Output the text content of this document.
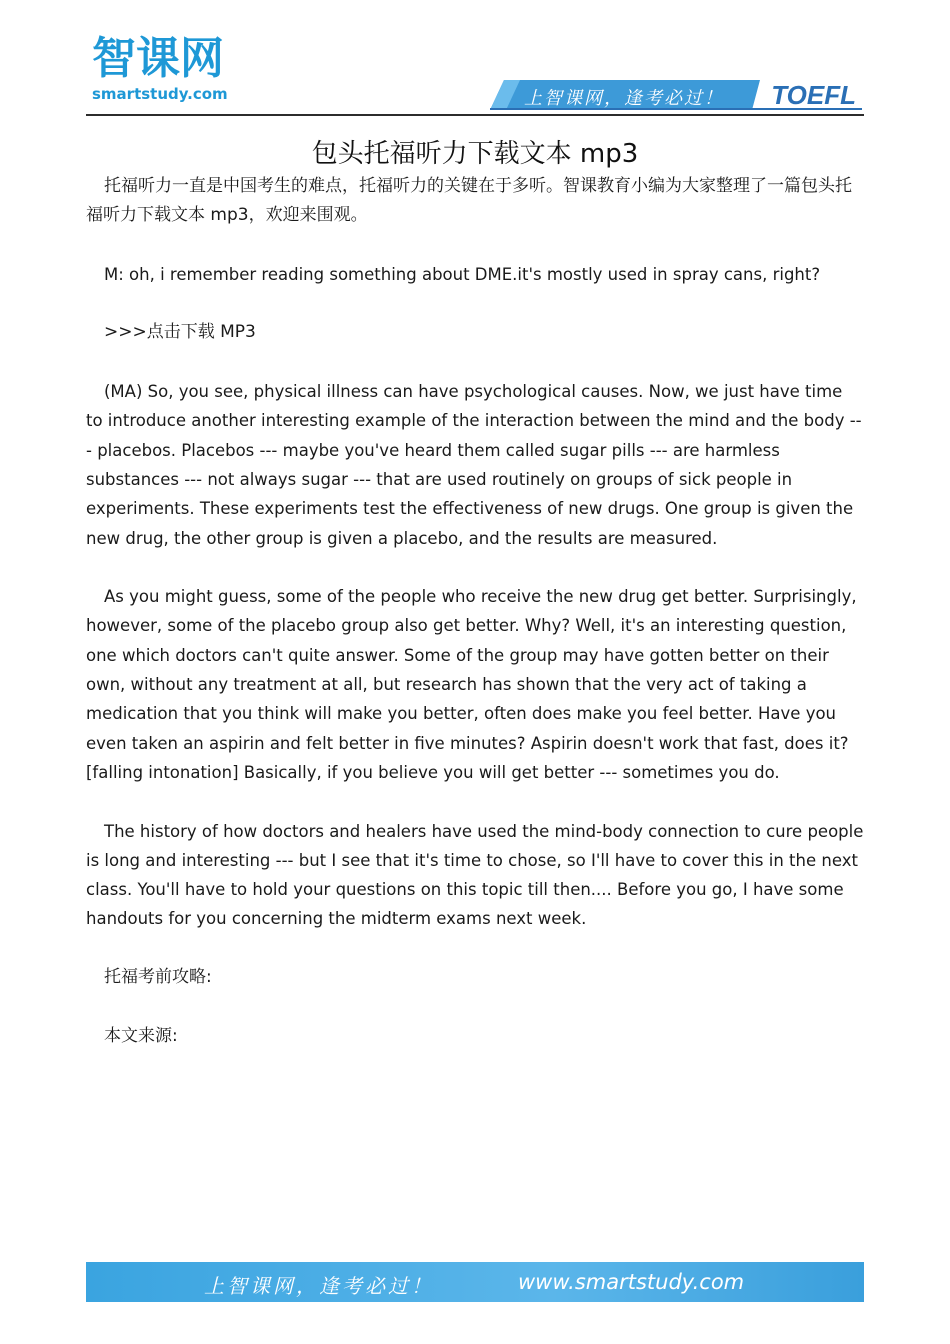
智课网
smartstudy.com	上智课网，逢考必过！ TOEFL
包头托福听力下载文本 mp3

托福听力一直是中国考生的难点，托福听力的关键在于多听。智课教育小编为大家整理了一篇包头托福听力下载文本 mp3，欢迎来围观。

M: oh, i remember reading something about DME.it's mostly used in spray cans, right?

>>>点击下载 MP3

(MA) So, you see, physical illness can have psychological causes. Now, we just have time to introduce another interesting example of the interaction between the mind and the body --- placebos. Placebos --- maybe you've heard them called sugar pills --- are harmless substances --- not always sugar --- that are used routinely on groups of sick people in experiments. These experiments test the effectiveness of new drugs. One group is given the new drug, the other group is given a placebo, and the results are measured.

As you might guess, some of the people who receive the new drug get better. Surprisingly, however, some of the placebo group also get better. Why? Well, it's an interesting question, one which doctors can't quite answer. Some of the group may have gotten better on their own, without any treatment at all, but research has shown that the very act of taking a medication that you think will make you better, often does make you feel better. Have you even taken an aspirin and felt better in five minutes? Aspirin doesn't work that fast, does it? [falling intonation] Basically, if you believe you will get better --- sometimes you do.

The history of how doctors and healers have used the mind-body connection to cure people is long and interesting --- but I see that it's time to chose, so I'll have to cover this in the next class. You'll have to hold your questions on this topic till then.... Before you go, I have some handouts for you concerning the midterm exams next week.

托福考前攻略:

本文来源:

上智课网，逢考必过！	www.smartstudy.com
